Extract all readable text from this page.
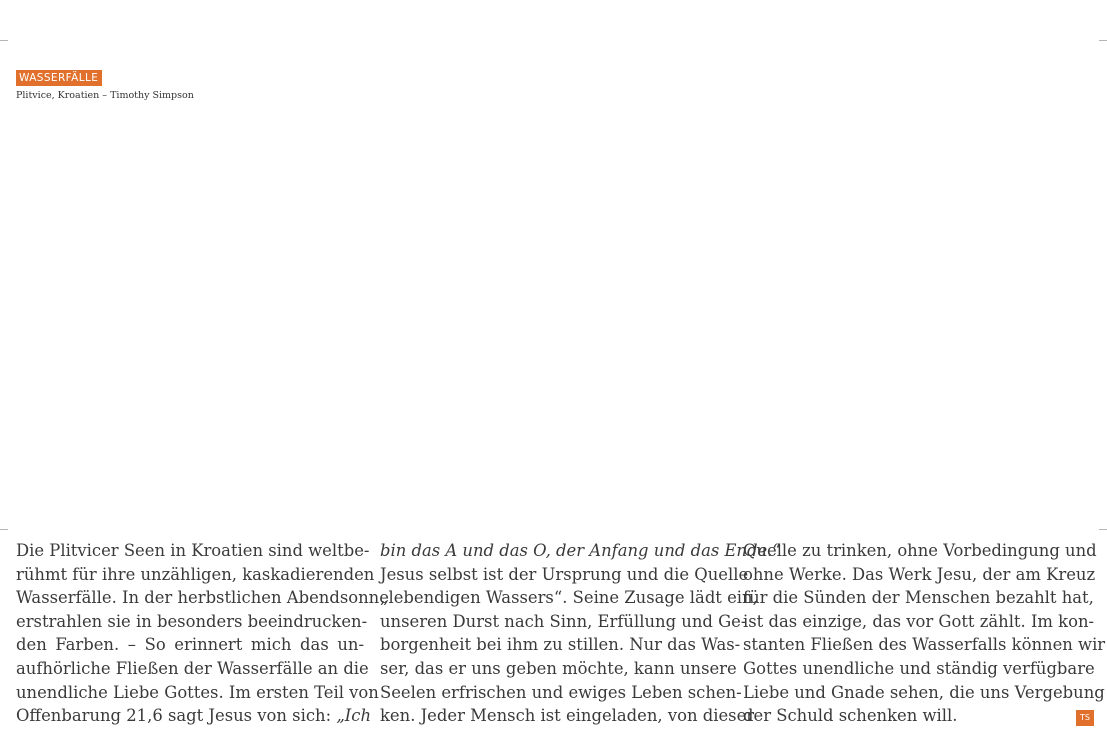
WASSERFÄLLE
Plitvice, Kroatien – Timothy Simpson
Die Plitvicer Seen in Kroatien sind weltbe-
rühmt für ihre unzähligen, kaskadierenden
Wasserfälle. In der herbstlichen Abendsonne
erstrahlen sie in besonders beeindrucken-
den Farben. – So erinnert mich das un-
aufhörliche Fließen der Wasserfälle an die
unendliche Liebe Gottes. Im ersten Teil von
Offenbarung 21,6 sagt Jesus von sich: „Ich
bin das A und das O, der Anfang und das Ende.“
Jesus selbst ist der Ursprung und die Quelle
„lebendigen Wassers“. Seine Zusage lädt ein,
unseren Durst nach Sinn, Erfüllung und Ge-
borgenheit bei ihm zu stillen. Nur das Was-
ser, das er uns geben möchte, kann unsere
Seelen erfrischen und ewiges Leben schen-
ken. Jeder Mensch ist eingeladen, von dieser
Quelle zu trinken, ohne Vorbedingung und
ohne Werke. Das Werk Jesu, der am Kreuz
für die Sünden der Menschen bezahlt hat,
ist das einzige, das vor Gott zählt. Im kon-
stanten Fließen des Wasserfalls können wir
Gottes unendliche und ständig verfügbare
Liebe und Gnade sehen, die uns Vergebung
der Schuld schenken will.	TS
